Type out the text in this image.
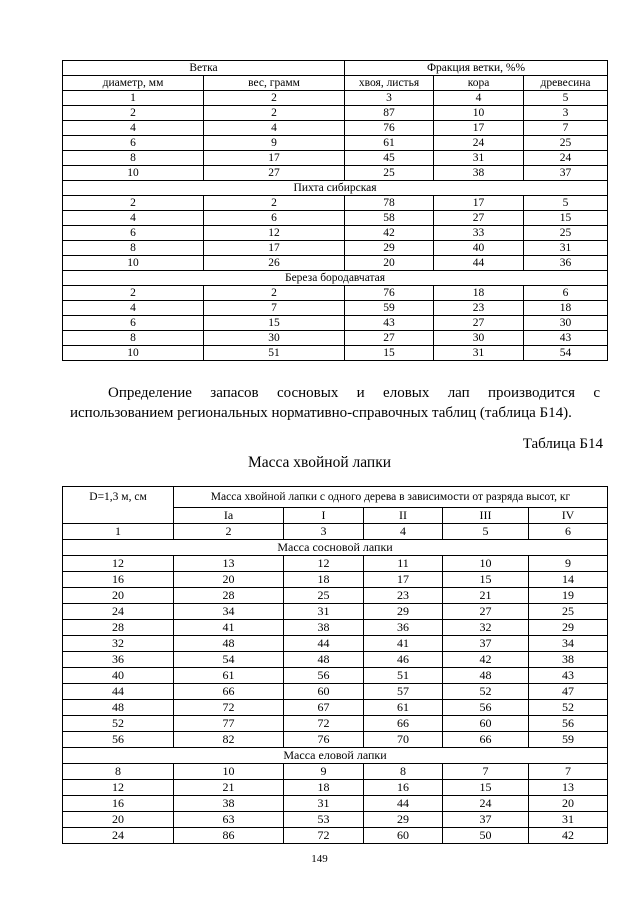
Ветка		Фракция ветки, %%		
диаметр, мм	вес, грамм	хвоя, листья	кора	древесина
1	2	3	4	5
2	2	87	10	3
4	4	76	17	7
6	9	61	24	25
8	17	45	31	24
10	27	25	38	37
Пихта сибирская				
2	2	78	17	5
4	6	58	27	15
6	12	42	33	25
8	17	29	40	31
10	26	20	44	36
Береза бородавчатая				
2	2	76	18	6
4	7	59	23	18
6	15	43	27	30
8	30	27	30	43
10	51	15	31	54
Определение запасов сосновых и еловых лап производится с
использованием региональных нормативно-справочных таблиц (таблица Б14).
Таблица Б14
Масса хвойной лапки
D=1,3 м, см	Масса хвойной лапки с одного дерева в зависимости от разряда высот, кг				
	Ia	I	II	III	IV
1	2	3	4	5	6
Масса сосновой лапки					
12	13	12	11	10	9
16	20	18	17	15	14
20	28	25	23	21	19
24	34	31	29	27	25
28	41	38	36	32	29
32	48	44	41	37	34
36	54	48	46	42	38
40	61	56	51	48	43
44	66	60	57	52	47
48	72	67	61	56	52
52	77	72	66	60	56
56	82	76	70	66	59
Масса еловой лапки					
8	10	9	8	7	7
12	21	18	16	15	13
16	38	31	44	24	20
20	63	53	29	37	31
24	86	72	60	50	42
149
